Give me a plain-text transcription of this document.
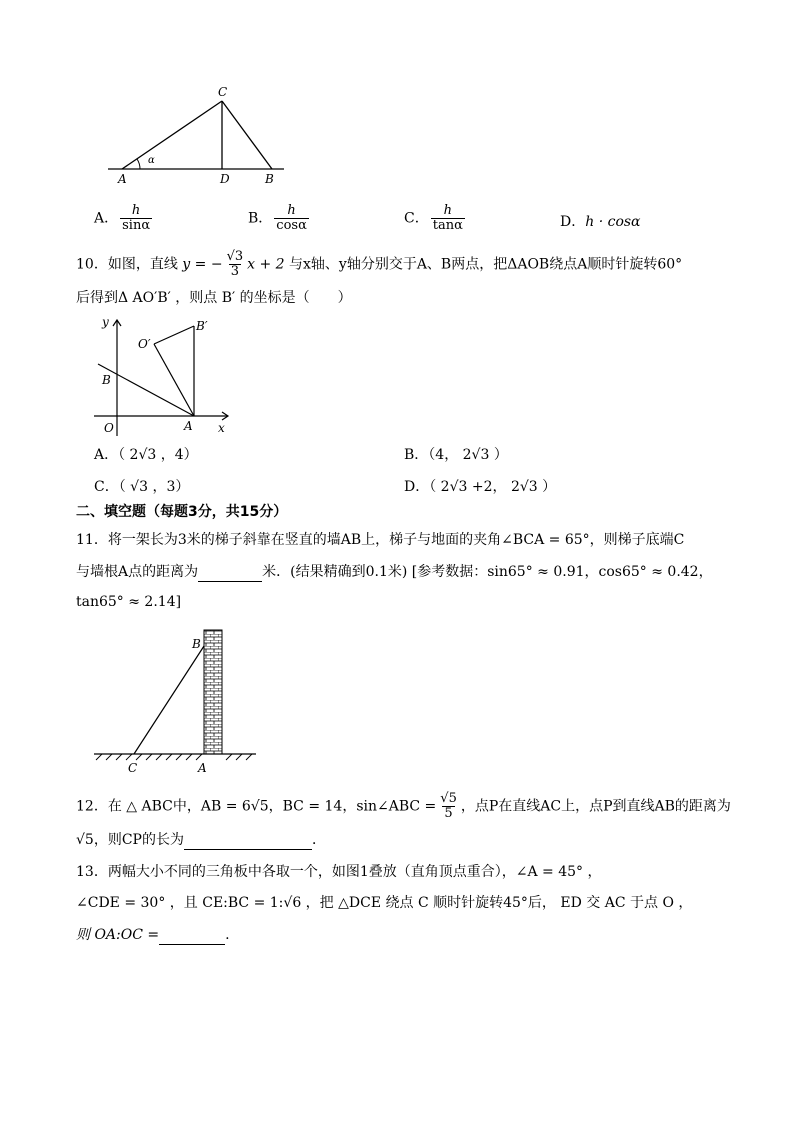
C
A	D	B
α
A． $\frac{h}{\sin\alpha}$	B． $\frac{h}{\cos\alpha}$	C． $\frac{h}{\tan\alpha}$	D．h · cosα
10．如图，直线 y = − $\frac{√3}{3}$ x + 2 与x轴、y轴分别交于A、B两点，把ΔAOB绕点A顺时针旋转60°
后得到Δ AO′B′ ，则点 B′ 的坐标是（　　）
y
x
O	A
B
O′
B′
A．（ 2√3 ，4）	B．（4， 2√3 ）
C．（ √3 ，3）	D．（ 2√3 +2， 2√3 ）
二、填空题（每题3分，共15分）
11．将一架长为3米的梯子斜靠在竖直的墙AB上，梯子与地面的夹角∠BCA = 65°，则梯子底端C
与墙根A点的距离为	米．(结果精确到0.1米) [参考数据：sin65° ≈ 0.91，cos65° ≈ 0.42，
tan65° ≈ 2.14]
B
C	A
12．在 △ ABC中，AB = 6√5，BC = 14，sin∠ABC = $\frac{√5}{5}$ ，点P在直线AC上，点P到直线AB的距离为
√5，则CP的长为	．
13．两幅大小不同的三角板中各取一个，如图1叠放（直角顶点重合），∠A = 45° ，
∠CDE = 30° ，且 CE:BC = 1:√6 ，把 △DCE 绕点 C 顺时针旋转45°后， ED 交 AC 于点 O ，
则 OA:OC =	.
